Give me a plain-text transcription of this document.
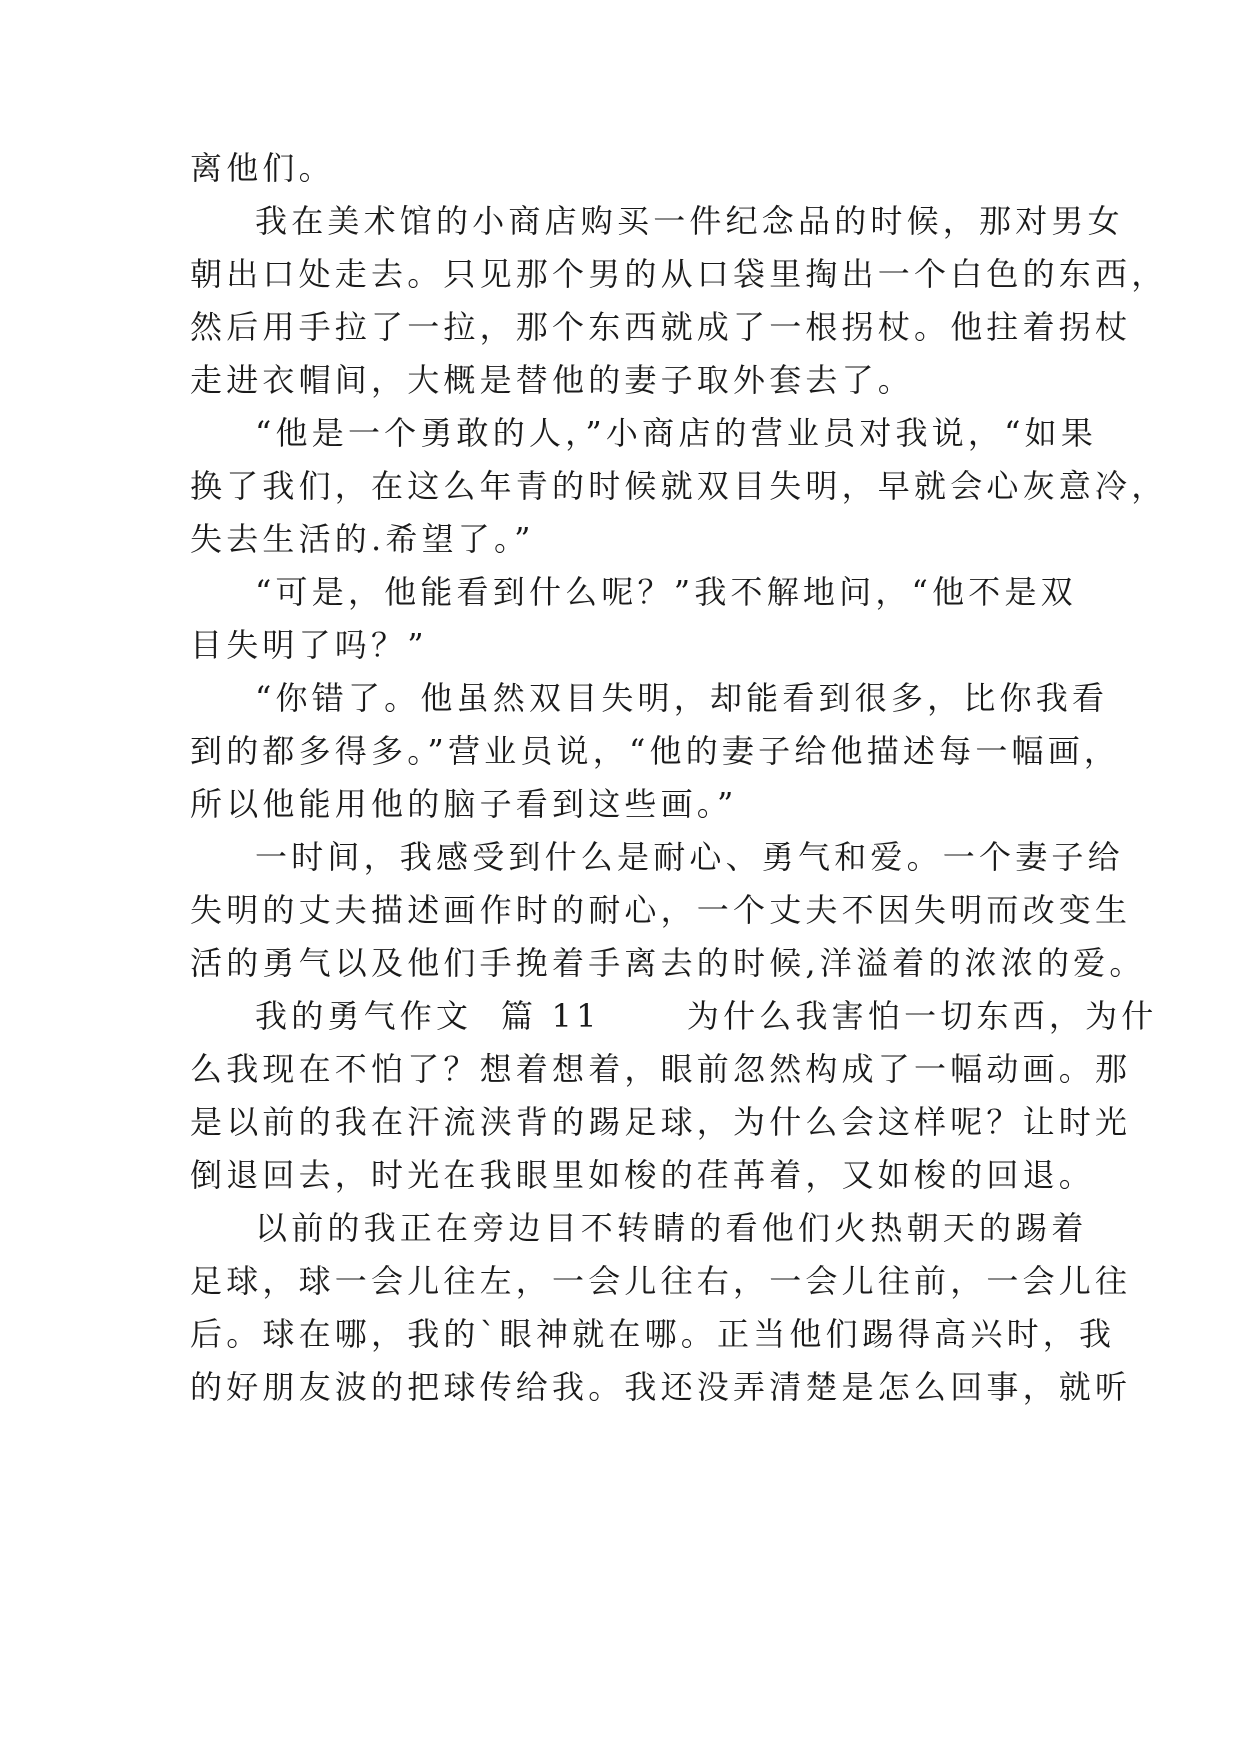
离他们。
我在美术馆的小商店购买一件纪念品的时候，那对男女
朝出口处走去。只见那个男的从口袋里掏出一个白色的东西，
然后用手拉了一拉，那个东西就成了一根拐杖。他拄着拐杖
走进衣帽间，大概是替他的妻子取外套去了。
“他是一个勇敢的人，”小商店的营业员对我说，“如果
换了我们，在这么年青的时候就双目失明，早就会心灰意冷，
失去生活的.希望了。”
“可是，他能看到什么呢？”我不解地问，“他不是双
目失明了吗？”
“你错了。他虽然双目失明，却能看到很多，比你我看
到的都多得多。”营业员说，“他的妻子给他描述每一幅画，
所以他能用他的脑子看到这些画。”
一时间，我感受到什么是耐心、勇气和爱。一个妻子给
失明的丈夫描述画作时的耐心，一个丈夫不因失明而改变生
活的勇气以及他们手挽着手离去的时候,洋溢着的浓浓的爱。
我的勇气作文  篇 11      为什么我害怕一切东西，为什
么我现在不怕了？想着想着，眼前忽然构成了一幅动画。那
是以前的我在汗流浃背的踢足球，为什么会这样呢？让时光
倒退回去，时光在我眼里如梭的荏苒着，又如梭的回退。
以前的我正在旁边目不转睛的看他们火热朝天的踢着
足球，球一会儿往左，一会儿往右，一会儿往前，一会儿往
后。球在哪，我的`眼神就在哪。正当他们踢得高兴时，我
的好朋友波的把球传给我。我还没弄清楚是怎么回事，就听
